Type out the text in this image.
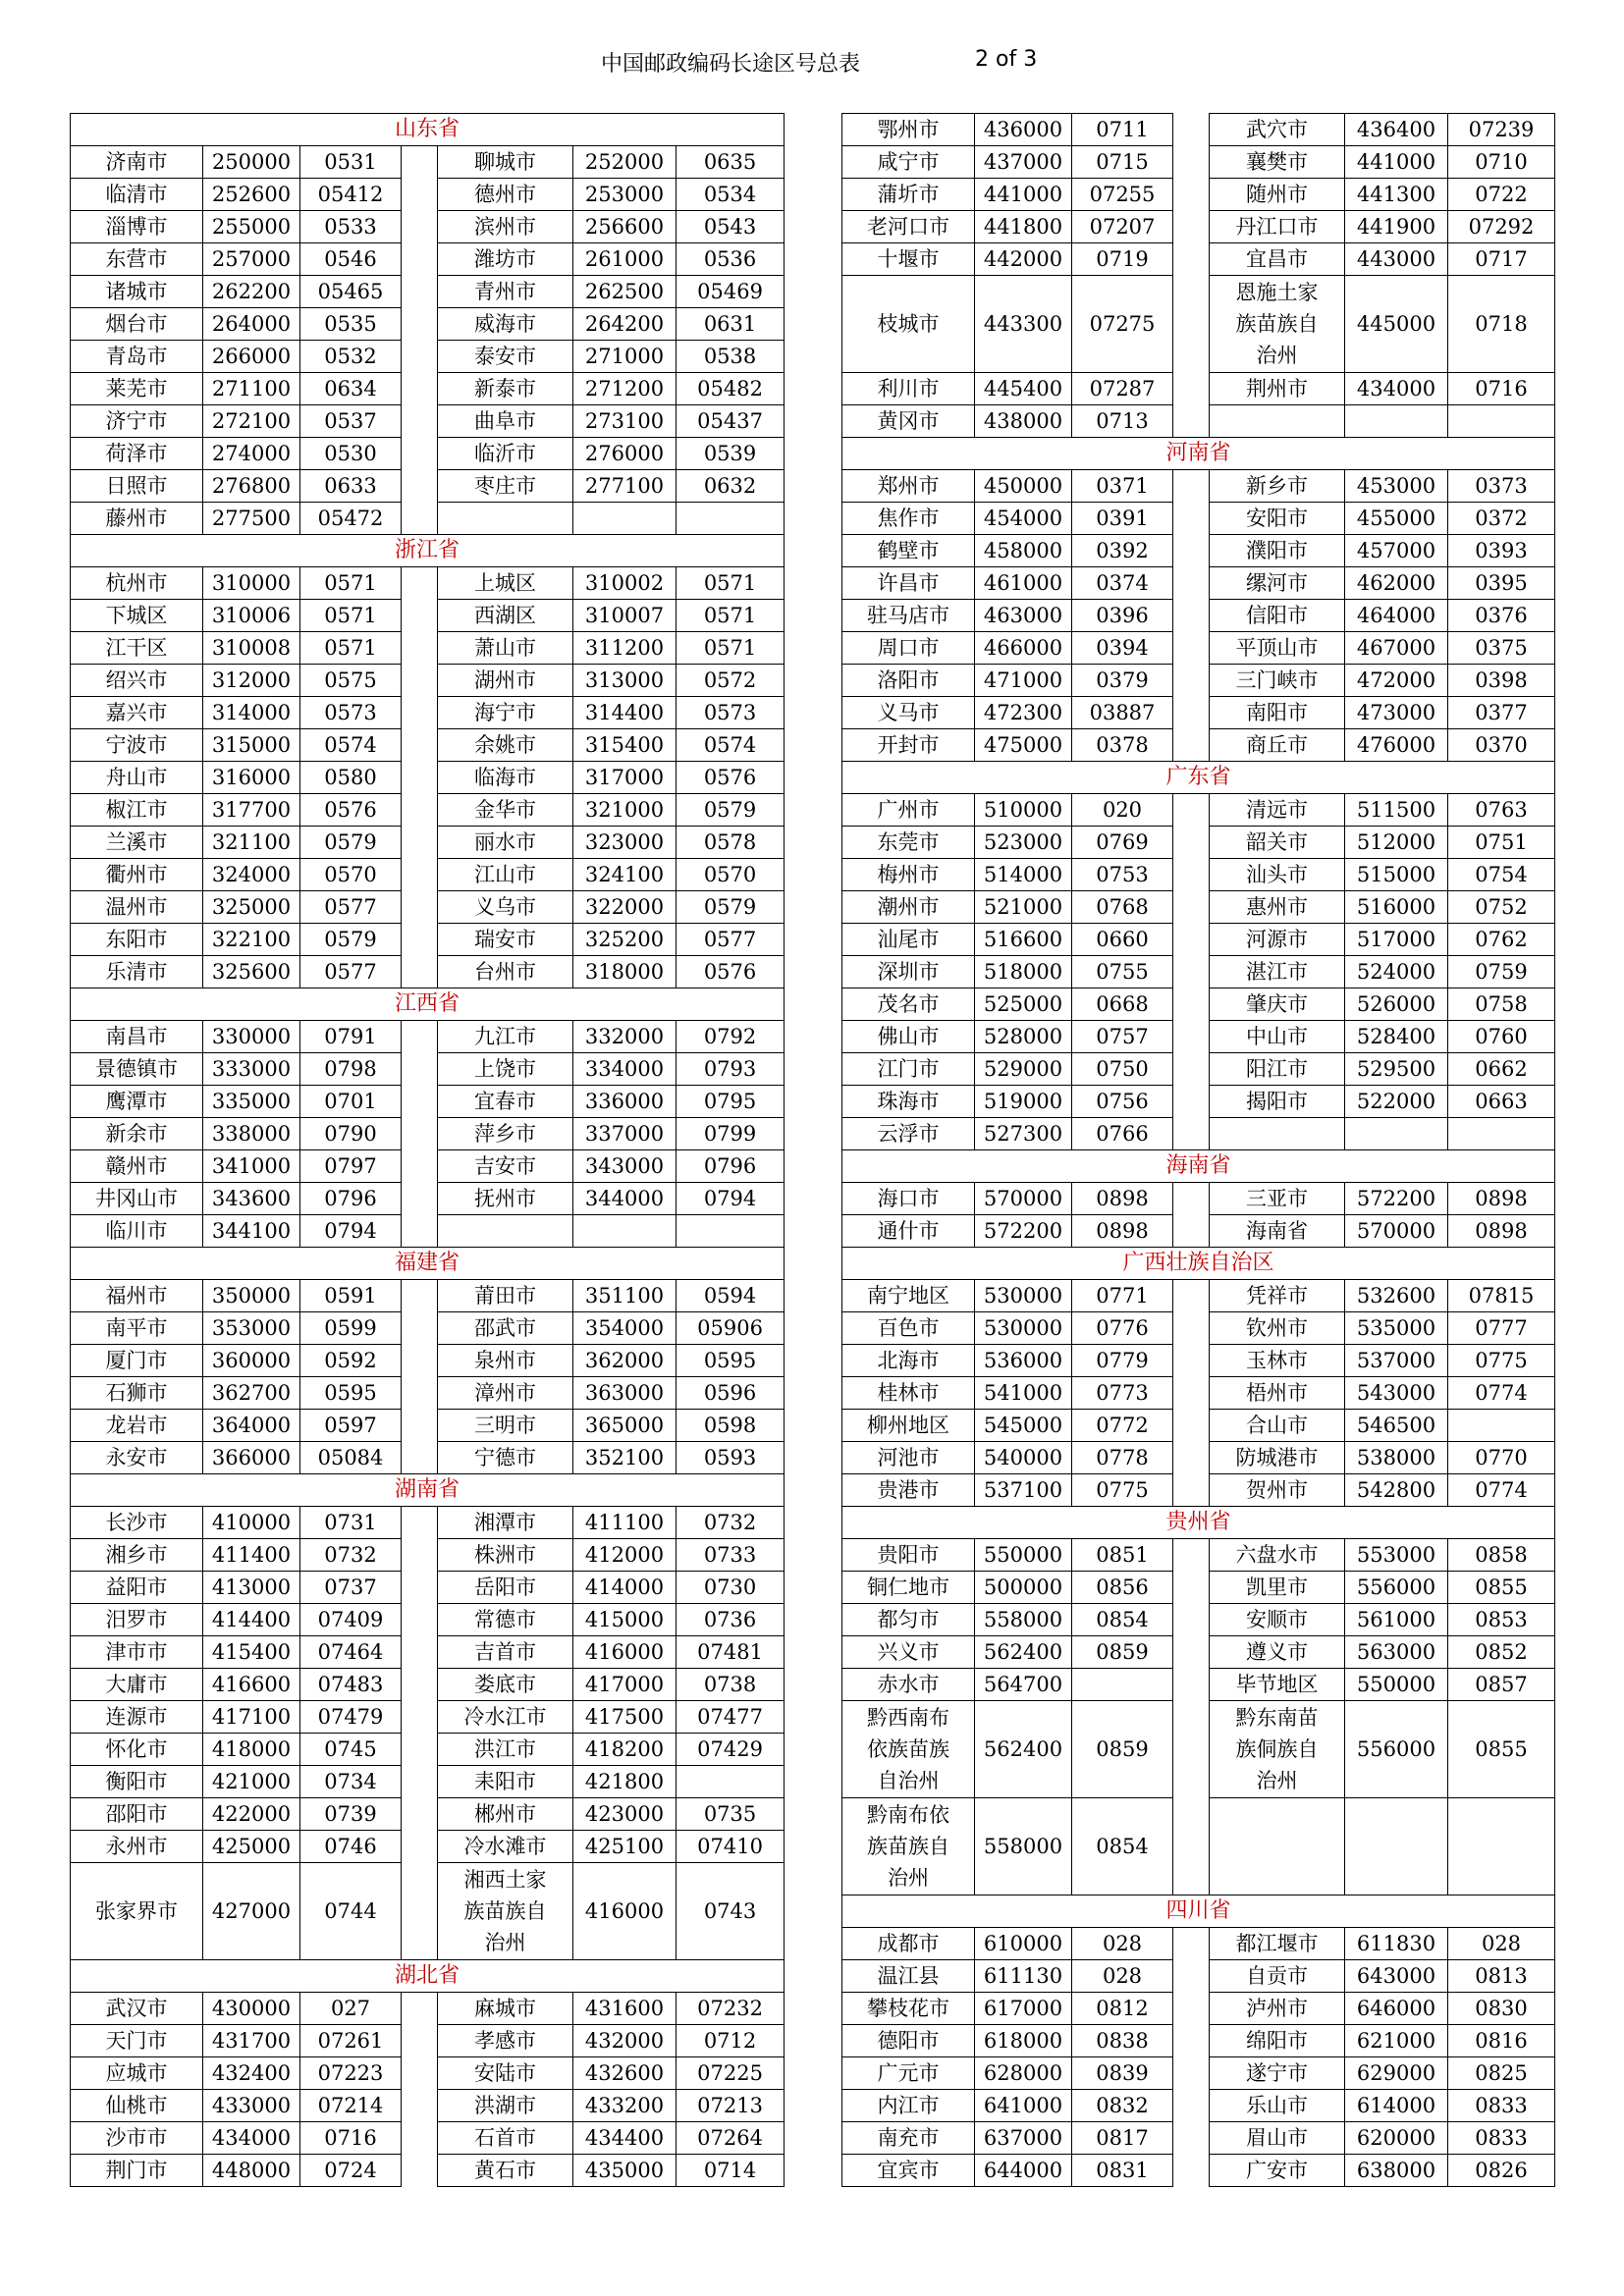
中国邮政编码长途区号总表	2 of 3
山东省						
济南市	250000	0531		聊城市	252000	0635
临清市	252600	05412		德州市	253000	0534
淄博市	255000	0533		滨州市	256600	0543
东营市	257000	0546		潍坊市	261000	0536
诸城市	262200	05465		青州市	262500	05469
烟台市	264000	0535		威海市	264200	0631
青岛市	266000	0532		泰安市	271000	0538
莱芜市	271100	0634		新泰市	271200	05482
济宁市	272100	0537		曲阜市	273100	05437
荷泽市	274000	0530		临沂市	276000	0539
日照市	276800	0633		枣庄市	277100	0632
藤州市	277500	05472				
浙江省						
杭州市	310000	0571		上城区	310002	0571
下城区	310006	0571		西湖区	310007	0571
江干区	310008	0571		萧山市	311200	0571
绍兴市	312000	0575		湖州市	313000	0572
嘉兴市	314000	0573		海宁市	314400	0573
宁波市	315000	0574		余姚市	315400	0574
舟山市	316000	0580		临海市	317000	0576
椒江市	317700	0576		金华市	321000	0579
兰溪市	321100	0579		丽水市	323000	0578
衢州市	324000	0570		江山市	324100	0570
温州市	325000	0577		义乌市	322000	0579
东阳市	322100	0579		瑞安市	325200	0577
乐清市	325600	0577		台州市	318000	0576
江西省						
南昌市	330000	0791		九江市	332000	0792
景德镇市	333000	0798		上饶市	334000	0793
鹰潭市	335000	0701		宜春市	336000	0795
新余市	338000	0790		萍乡市	337000	0799
赣州市	341000	0797		吉安市	343000	0796
井冈山市	343600	0796		抚州市	344000	0794
临川市	344100	0794				
福建省						
福州市	350000	0591		莆田市	351100	0594
南平市	353000	0599		邵武市	354000	05906
厦门市	360000	0592		泉州市	362000	0595
石狮市	362700	0595		漳州市	363000	0596
龙岩市	364000	0597		三明市	365000	0598
永安市	366000	05084		宁德市	352100	0593
湖南省						
长沙市	410000	0731		湘潭市	411100	0732
湘乡市	411400	0732		株洲市	412000	0733
益阳市	413000	0737		岳阳市	414000	0730
汨罗市	414400	07409		常德市	415000	0736
津市市	415400	07464		吉首市	416000	07481
大庸市	416600	07483		娄底市	417000	0738
连源市	417100	07479		冷水江市	417500	07477
怀化市	418000	0745		洪江市	418200	07429
衡阳市	421000	0734		耒阳市	421800	
邵阳市	422000	0739		郴州市	423000	0735
永州市	425000	0746		冷水滩市	425100	07410
张家界市	427000	0744		湘西土家
族苗族自
治州	416000	0743
湖北省						
武汉市	430000	027		麻城市	431600	07232
天门市	431700	07261		孝感市	432000	0712
应城市	432400	07223		安陆市	432600	07225
仙桃市	433000	07214		洪湖市	433200	07213
沙市市	434000	0716		石首市	434400	07264
荆门市	448000	0724		黄石市	435000	0714
鄂州市	436000	0711		武穴市	436400	07239
咸宁市	437000	0715		襄樊市	441000	0710
蒲圻市	441000	07255		随州市	441300	0722
老河口市	441800	07207		丹江口市	441900	07292
十堰市	442000	0719		宜昌市	443000	0717
枝城市	443300	07275		恩施土家
族苗族自
治州	445000	0718
利川市	445400	07287		荆州市	434000	0716
黄冈市	438000	0713				
河南省						
郑州市	450000	0371		新乡市	453000	0373
焦作市	454000	0391		安阳市	455000	0372
鹤壁市	458000	0392		濮阳市	457000	0393
许昌市	461000	0374		缧河市	462000	0395
驻马店市	463000	0396		信阳市	464000	0376
周口市	466000	0394		平顶山市	467000	0375
洛阳市	471000	0379		三门峡市	472000	0398
义马市	472300	03887		南阳市	473000	0377
开封市	475000	0378		商丘市	476000	0370
广东省						
广州市	510000	020		清远市	511500	0763
东莞市	523000	0769		韶关市	512000	0751
梅州市	514000	0753		汕头市	515000	0754
潮州市	521000	0768		惠州市	516000	0752
汕尾市	516600	0660		河源市	517000	0762
深圳市	518000	0755		湛江市	524000	0759
茂名市	525000	0668		肇庆市	526000	0758
佛山市	528000	0757		中山市	528400	0760
江门市	529000	0750		阳江市	529500	0662
珠海市	519000	0756		揭阳市	522000	0663
云浮市	527300	0766				
海南省						
海口市	570000	0898		三亚市	572200	0898
通什市	572200	0898		海南省	570000	0898
广西壮族自治区						
南宁地区	530000	0771		凭祥市	532600	07815
百色市	530000	0776		钦州市	535000	0777
北海市	536000	0779		玉林市	537000	0775
桂林市	541000	0773		梧州市	543000	0774
柳州地区	545000	0772		合山市	546500	
河池市	540000	0778		防城港市	538000	0770
贵港市	537100	0775		贺州市	542800	0774
贵州省						
贵阳市	550000	0851		六盘水市	553000	0858
铜仁地市	500000	0856		凯里市	556000	0855
都匀市	558000	0854		安顺市	561000	0853
兴义市	562400	0859		遵义市	563000	0852
赤水市	564700			毕节地区	550000	0857
黔西南布
依族苗族
自治州	562400	0859		黔东南苗
族侗族自
治州	556000	0855
黔南布依
族苗族自
治州	558000	0854				
四川省						
成都市	610000	028		都江堰市	611830	028
温江县	611130	028		自贡市	643000	0813
攀枝花市	617000	0812		泸州市	646000	0830
德阳市	618000	0838		绵阳市	621000	0816
广元市	628000	0839		遂宁市	629000	0825
内江市	641000	0832		乐山市	614000	0833
南充市	637000	0817		眉山市	620000	0833
宜宾市	644000	0831		广安市	638000	0826
